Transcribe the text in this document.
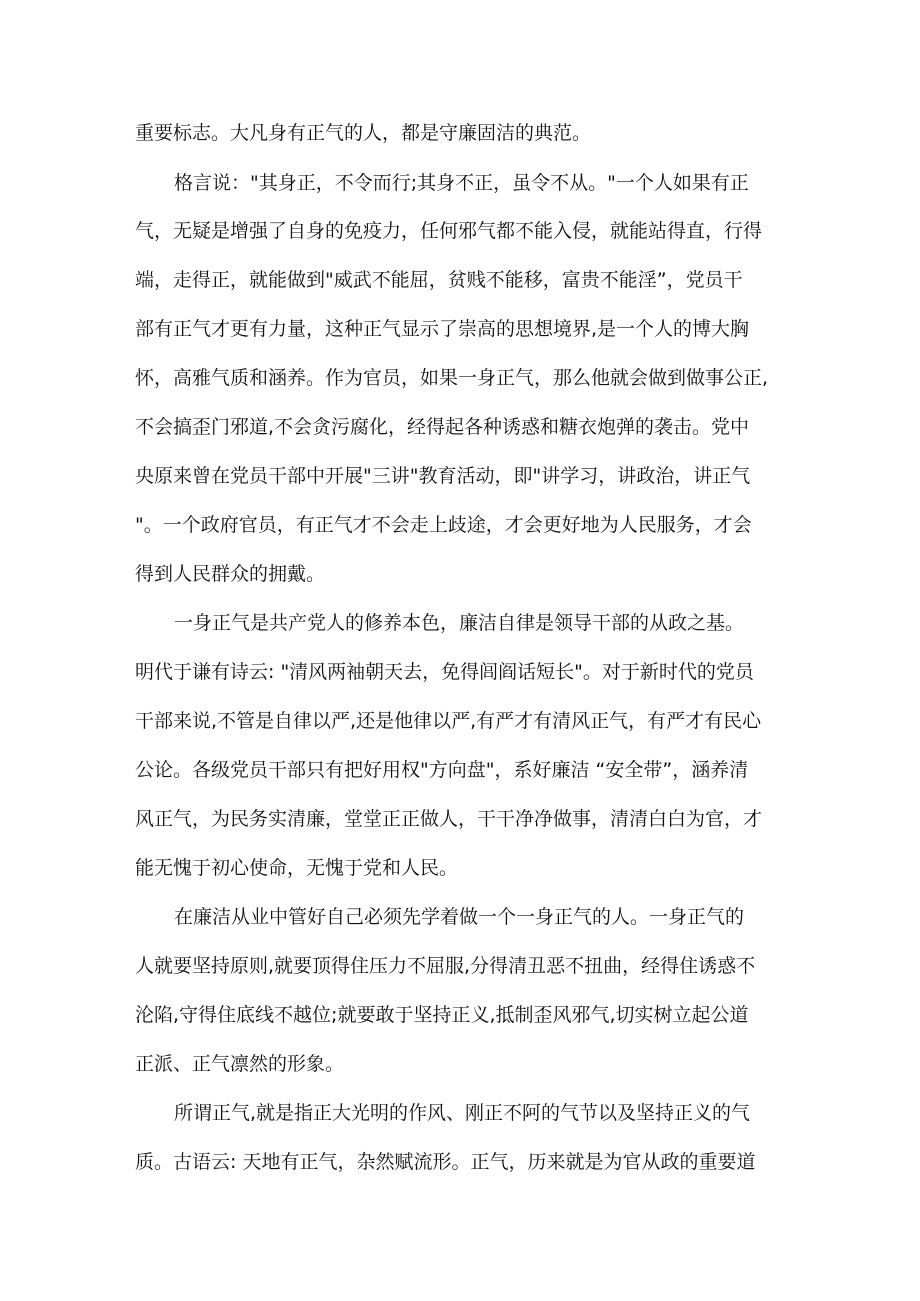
重要标志。大凡身有正气的人，都是守廉固洁的典范。
格言说："其身正，不令而行;其身不正，虽令不从。"一个人如果有正
气，无疑是增强了自身的免疫力，任何邪气都不能入侵，就能站得直，行得
端，走得正，就能做到"威武不能屈，贫贱不能移，富贵不能淫”，党员干
部有正气才更有力量，这种正气显示了崇高的思想境界,是一个人的博大胸
怀，高雅气质和涵养。作为官员，如果一身正气，那么他就会做到做事公正,
不会搞歪门邪道,不会贪污腐化，经得起各种诱惑和糖衣炮弹的袭击。党中
央原来曾在党员干部中开展"三讲"教育活动，即"讲学习，讲政治，讲正气
"。一个政府官员，有正气才不会走上歧途，才会更好地为人民服务，才会
得到人民群众的拥戴。
一身正气是共产党人的修养本色，廉洁自律是领导干部的从政之基。
明代于谦有诗云: "清风两袖朝天去，免得闾阎话短长"。对于新时代的党员
干部来说,不管是自律以严,还是他律以严,有严才有清风正气，有严才有民心
公论。各级党员干部只有把好用权"方向盘"，系好廉洁 “安全带”，涵养清
风正气，为民务实清廉，堂堂正正做人，干干净净做事，清清白白为官，才
能无愧于初心使命，无愧于党和人民。
在廉洁从业中管好自己必须先学着做一个一身正气的人。一身正气的
人就要坚持原则,就要顶得住压力不屈服,分得清丑恶不扭曲，经得住诱惑不
沦陷,守得住底线不越位;就要敢于坚持正义,抵制歪风邪气,切实树立起公道
正派、正气凛然的形象。
所谓正气,就是指正大光明的作风、刚正不阿的气节以及坚持正义的气
质。古语云: 天地有正气，杂然赋流形。正气，历来就是为官从政的重要道
